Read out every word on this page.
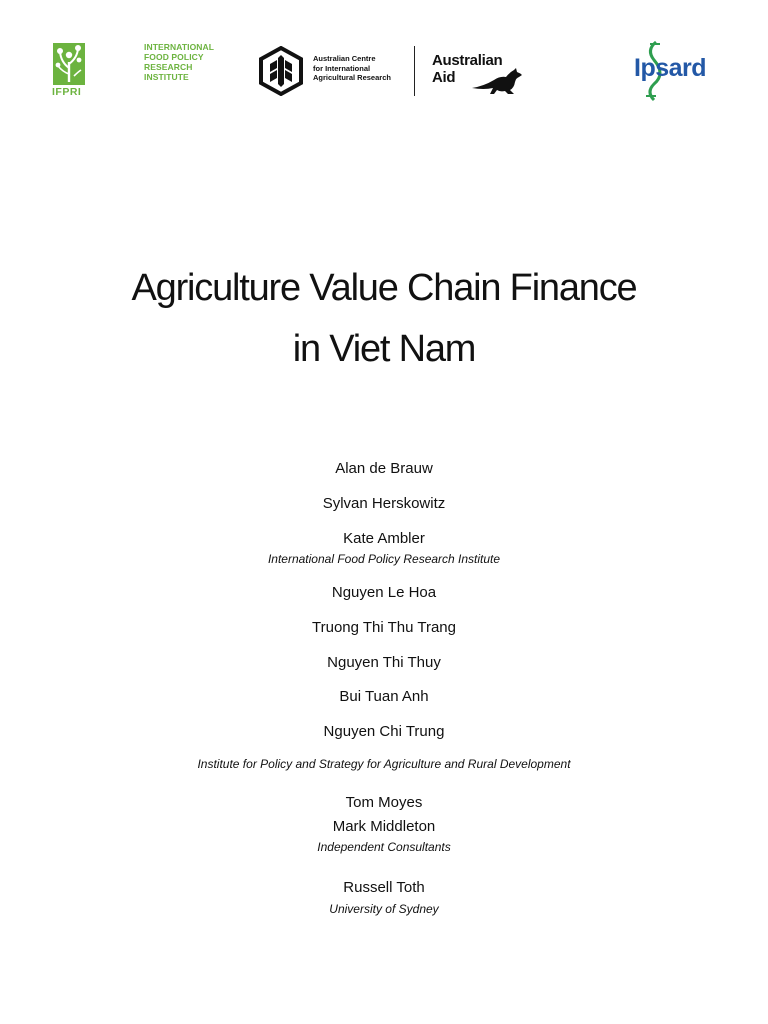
INTERNATIONAL
FOOD POLICY
RESEARCH
INSTITUTE
IFPRI
Australian Centre
for International
Agricultural Research
Australian
Aid	Ipsard
Agriculture Value Chain Finance
in Viet Nam
Alan de Brauw
Sylvan Herskowitz
Kate Ambler
International Food Policy Research Institute
Nguyen Le Hoa
Truong Thi Thu Trang
Nguyen Thi Thuy
Bui Tuan Anh
Nguyen Chi Trung
Institute for Policy and Strategy for Agriculture and Rural Development
Tom Moyes
Mark Middleton
Independent Consultants
Russell Toth
University of Sydney
